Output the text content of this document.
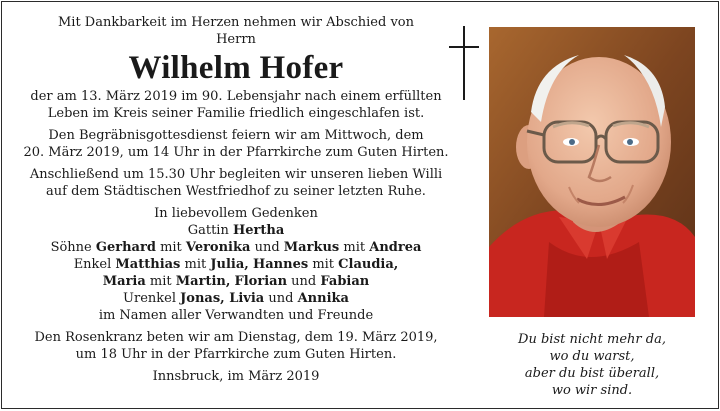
Mit Dankbarkeit im Herzen nehmen wir Abschied von

Herrn

Wilhelm Hofer

der am 13. März 2019 im 90. Lebensjahr nach einem erfüllten

Leben im Kreis seiner Familie friedlich eingeschlafen ist.

Den Begräbnisgottesdienst feiern wir am Mittwoch, dem

20. März 2019, um 14 Uhr in der Pfarrkirche zum Guten Hirten.

Anschließend um 15.30 Uhr begleiten wir unseren lieben Willi

auf dem Städtischen Westfriedhof zu seiner letzten Ruhe.

In liebevollem Gedenken

Gattin Hertha

Söhne Gerhard mit Veronika und Markus mit Andrea

Enkel Matthias mit Julia, Hannes mit Claudia,

Maria mit Martin, Florian und Fabian

Urenkel Jonas, Livia und Annika

im Namen aller Verwandten und Freunde

Den Rosenkranz beten wir am Dienstag, dem 19. März 2019,

um 18 Uhr in der Pfarrkirche zum Guten Hirten.

Innsbruck, im März 2019

Du bist nicht mehr da,

wo du warst,

aber du bist überall,

wo wir sind.
